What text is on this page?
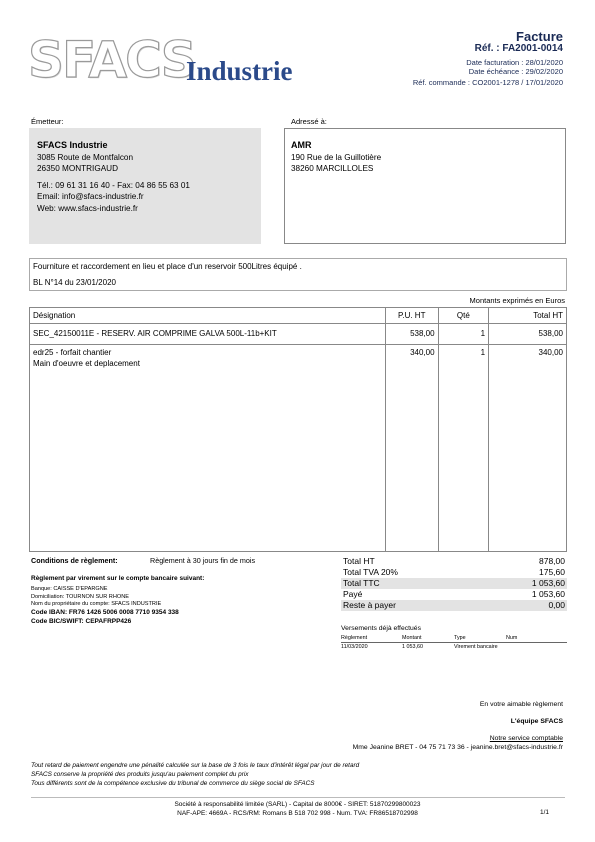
SFACS
Industrie
Facture
Réf. : FA2001-0014
Date facturation : 28/01/2020
Date échéance : 29/02/2020
Réf. commande : CO2001-1278 / 17/01/2020
Émetteur:	Adressé à:
SFACS Industrie
3085 Route de Montfalcon
26350 MONTRIGAUD

Tél.: 09 61 31 16 40 - Fax: 04 86 55 63 01
Email: info@sfacs-industrie.fr
Web: www.sfacs-industrie.fr
AMR
190 Rue de la Guillotière
38260 MARCILLOLES
Fourniture et raccordement en lieu et place d'un reservoir 500Litres équipé .
BL N°14 du 23/01/2020
Montants exprimés en Euros
Désignation	P.U. HT	Qté	Total HT
SEC_42150011E - RESERV. AIR COMPRIME GALVA 500L-11b+KIT	538,00	1	538,00

edr25 - forfait chantier
Main d'oeuvre et deplacement	340,00	1	340,00

Conditions de règlement:	Règlement à 30 jours fin de mois
Règlement par virement sur le compte bancaire suivant:
Banque: CAISSE D'EPARGNE
Domiciliation: TOURNON SUR RHONE
Nom du propriétaire du compte: SFACS INDUSTRIE
Code IBAN: FR76 1426 5006 0008 7710 9354 338
Code BIC/SWIFT: CEPAFRPP426
Total HT	878,00
Total TVA 20%	175,60
Total TTC	1 053,60
Payé	1 053,60
Reste à payer	0,00
Versements déjà effectués
Règlement	Montant	Type	Num
11/03/2020	1 053,60	Virement bancaire	
En votre aimable règlement
L'équipe SFACS
Notre service comptable
Mme Jeanine BRET - 04 75 71 73 36 - jeanine.bret@sfacs-industrie.fr
Tout retard de paiement engendre une pénalité calculée sur la base de 3 fois le taux d'intérêt légal par jour de retard
SFACS conserve la propriété des produits jusqu'au paiement complet du prix
Tous différents sont de la compétence exclusive du tribunal de commerce du siège social de SFACS
Société à responsabilité limitée (SARL) - Capital de 8000€ - SIRET: 51870299800023
NAF-APE: 4669A - RCS/RM: Romans B 518 702 998 - Num. TVA: FR86518702998	1/1
